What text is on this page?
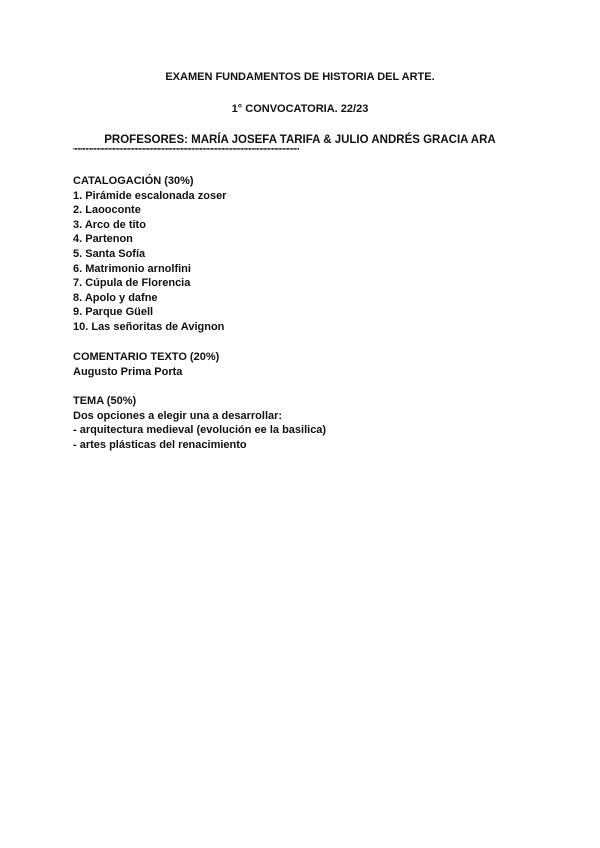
EXAMEN FUNDAMENTOS DE HISTORIA DEL ARTE.
1° CONVOCATORIA. 22/23
PROFESORES: MARÍA JOSEFA TARIFA & JULIO ANDRÉS GRACIA ARA
"""""""""""""""""""""""""""""""""""""""""""""""""""""""""""""""""""""""""""""""""""
CATALOGACIÓN (30%)
1. Pirámide escalonada zoser
2. Laooconte
3. Arco de tito
4. Partenon
5. Santa Sofía
6. Matrimonio arnolfini
7. Cúpula de Florencia
8. Apolo y dafne
9. Parque Güell
10. Las señoritas de Avignon
COMENTARIO TEXTO (20%)
Augusto Prima Porta
TEMA (50%)
Dos opciones a elegir una a desarrollar:
- arquitectura medieval (evolución ee la basilica)
- artes plásticas del renacimiento
